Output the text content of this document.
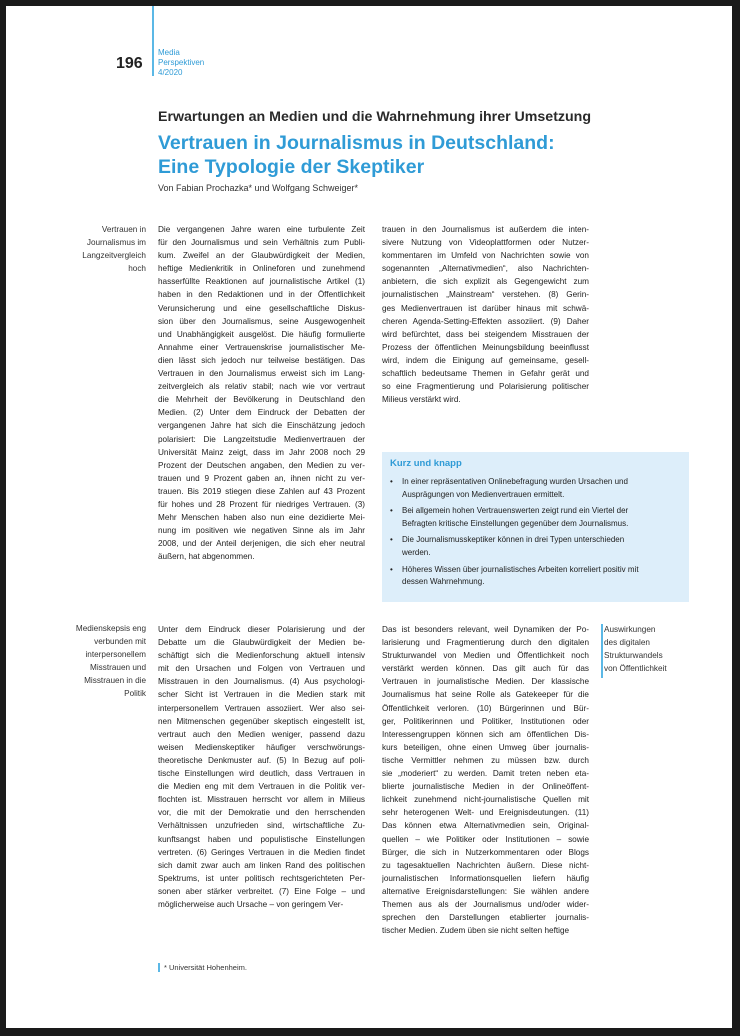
196
Media
Perspektiven
4/2020
Erwartungen an Medien und die Wahrnehmung ihrer Umsetzung
Vertrauen in Journalismus in Deutschland:
Eine Typologie der Skeptiker
Von Fabian Prochazka* und Wolfgang Schweiger*
Vertrauen in
Journalismus im
Langzeitvergleich
hoch
Medienskepsis eng
verbunden mit
interpersonellem
Misstrauen und
Misstrauen in die
Politik
Auswirkungen
des digitalen
Strukturwandels
von Öffentlichkeit
Die vergangenen Jahre waren eine turbulente Zeit
für den Journalismus und sein Verhältnis zum Publi-
kum. Zweifel an der Glaubwürdigkeit der Medien,
heftige Medienkritik in Onlineforen und zunehmend
hasserfüllte Reaktionen auf journalistische Artikel (1)
haben in den Redaktionen und in der Öffentlichkeit
Verunsicherung und eine gesellschaftliche Diskus-
sion über den Journalismus, seine Ausgewogenheit
und Unabhängigkeit ausgelöst. Die häufig formulierte
Annahme einer Vertrauenskrise journalistischer Me-
dien lässt sich jedoch nur teilweise bestätigen. Das
Vertrauen in den Journalismus erweist sich im Lang-
zeitvergleich als relativ stabil; nach wie vor vertraut
die Mehrheit der Bevölkerung in Deutschland den
Medien. (2) Unter dem Eindruck der Debatten der
vergangenen Jahre hat sich die Einschätzung jedoch
polarisiert: Die Langzeitstudie Medienvertrauen der
Universität Mainz zeigt, dass im Jahr 2008 noch 29
Prozent der Deutschen angaben, den Medien zu ver-
trauen und 9 Prozent gaben an, ihnen nicht zu ver-
trauen. Bis 2019 stiegen diese Zahlen auf 43 Prozent
für hohes und 28 Prozent für niedriges Vertrauen. (3)
Mehr Menschen haben also nun eine dezidierte Mei-
nung im positiven wie negativen Sinne als im Jahr
2008, und der Anteil derjenigen, die sich eher neutral
äußern, hat abgenommen.
trauen in den Journalismus ist außerdem die inten-
sivere Nutzung von Videoplattformen oder Nutzer-
kommentaren im Umfeld von Nachrichten sowie von
sogenannten „Alternativmedien“, also Nachrichten-
anbietern, die sich explizit als Gegengewicht zum
journalistischen „Mainstream“ verstehen. (8) Gerin-
ges Medienvertrauen ist darüber hinaus mit schwä-
cheren Agenda-Setting-Effekten assoziiert. (9) Daher
wird befürchtet, dass bei steigendem Misstrauen der
Prozess der öffentlichen Meinungsbildung beeinflusst
wird, indem die Einigung auf gemeinsame, gesell-
schaftlich bedeutsame Themen in Gefahr gerät und
so eine Fragmentierung und Polarisierung politischer
Milieus verstärkt wird.
Unter dem Eindruck dieser Polarisierung und der
Debatte um die Glaubwürdigkeit der Medien be-
schäftigt sich die Medienforschung aktuell intensiv
mit den Ursachen und Folgen von Vertrauen und
Misstrauen in den Journalismus. (4) Aus psychologi-
scher Sicht ist Vertrauen in die Medien stark mit
interpersonellem Vertrauen assoziiert. Wer also sei-
nen Mitmenschen gegenüber skeptisch eingestellt ist,
vertraut auch den Medien weniger, passend dazu
weisen Medienskeptiker häufiger verschwörungs-
theoretische Denkmuster auf. (5) In Bezug auf poli-
tische Einstellungen wird deutlich, dass Vertrauen in
die Medien eng mit dem Vertrauen in die Politik ver-
flochten ist. Misstrauen herrscht vor allem in Milieus
vor, die mit der Demokratie und den herrschenden
Verhältnissen unzufrieden sind, wirtschaftliche Zu-
kunftsangst haben und populistische Einstellungen
vertreten. (6) Geringes Vertrauen in die Medien findet
sich damit zwar auch am linken Rand des politischen
Spektrums, ist unter politisch rechtsgerichteten Per-
sonen aber stärker verbreitet. (7) Eine Folge – und
möglicherweise auch Ursache – von geringem Ver-
Das ist besonders relevant, weil Dynamiken der Po-
larisierung und Fragmentierung durch den digitalen
Strukturwandel von Medien und Öffentlichkeit noch
verstärkt werden können. Das gilt auch für das
Vertrauen in journalistische Medien. Der klassische
Journalismus hat seine Rolle als Gatekeeper für die
Öffentlichkeit verloren. (10) Bürgerinnen und Bür-
ger, Politikerinnen und Politiker, Institutionen oder
Interessengruppen können sich am öffentlichen Dis-
kurs beteiligen, ohne einen Umweg über journalis-
tische Vermittler nehmen zu müssen bzw. durch
sie „moderiert“ zu werden. Damit treten neben eta-
blierte journalistische Medien in der Onlineöffent-
lichkeit zunehmend nicht-journalistische Quellen mit
sehr heterogenen Welt- und Ereignisdeutungen. (11)
Das können etwa Alternativmedien sein, Original-
quellen – wie Politiker oder Institutionen – sowie
Bürger, die sich in Nutzerkommentaren oder Blogs
zu tagesaktuellen Nachrichten äußern. Diese nicht-
journalistischen Informationsquellen liefern häufig
alternative Ereignisdarstellungen: Sie wählen andere
Themen aus als der Journalismus und/oder wider-
sprechen den Darstellungen etablierter journalis-
tischer Medien. Zudem üben sie nicht selten heftige
Kurz und knapp
• In einer repräsentativen Onlinebefragung wurden Ursachen und
Ausprägungen von Medienvertrauen ermittelt.
• Bei allgemein hohen Vertrauenswerten zeigt rund ein Viertel der
Befragten kritische Einstellungen gegenüber dem Journalismus.
• Die Journalismusskeptiker können in drei Typen unterschieden
werden.
• Höheres Wissen über journalistisches Arbeiten korreliert positiv mit
dessen Wahrnehmung.
* Universität Hohenheim.
